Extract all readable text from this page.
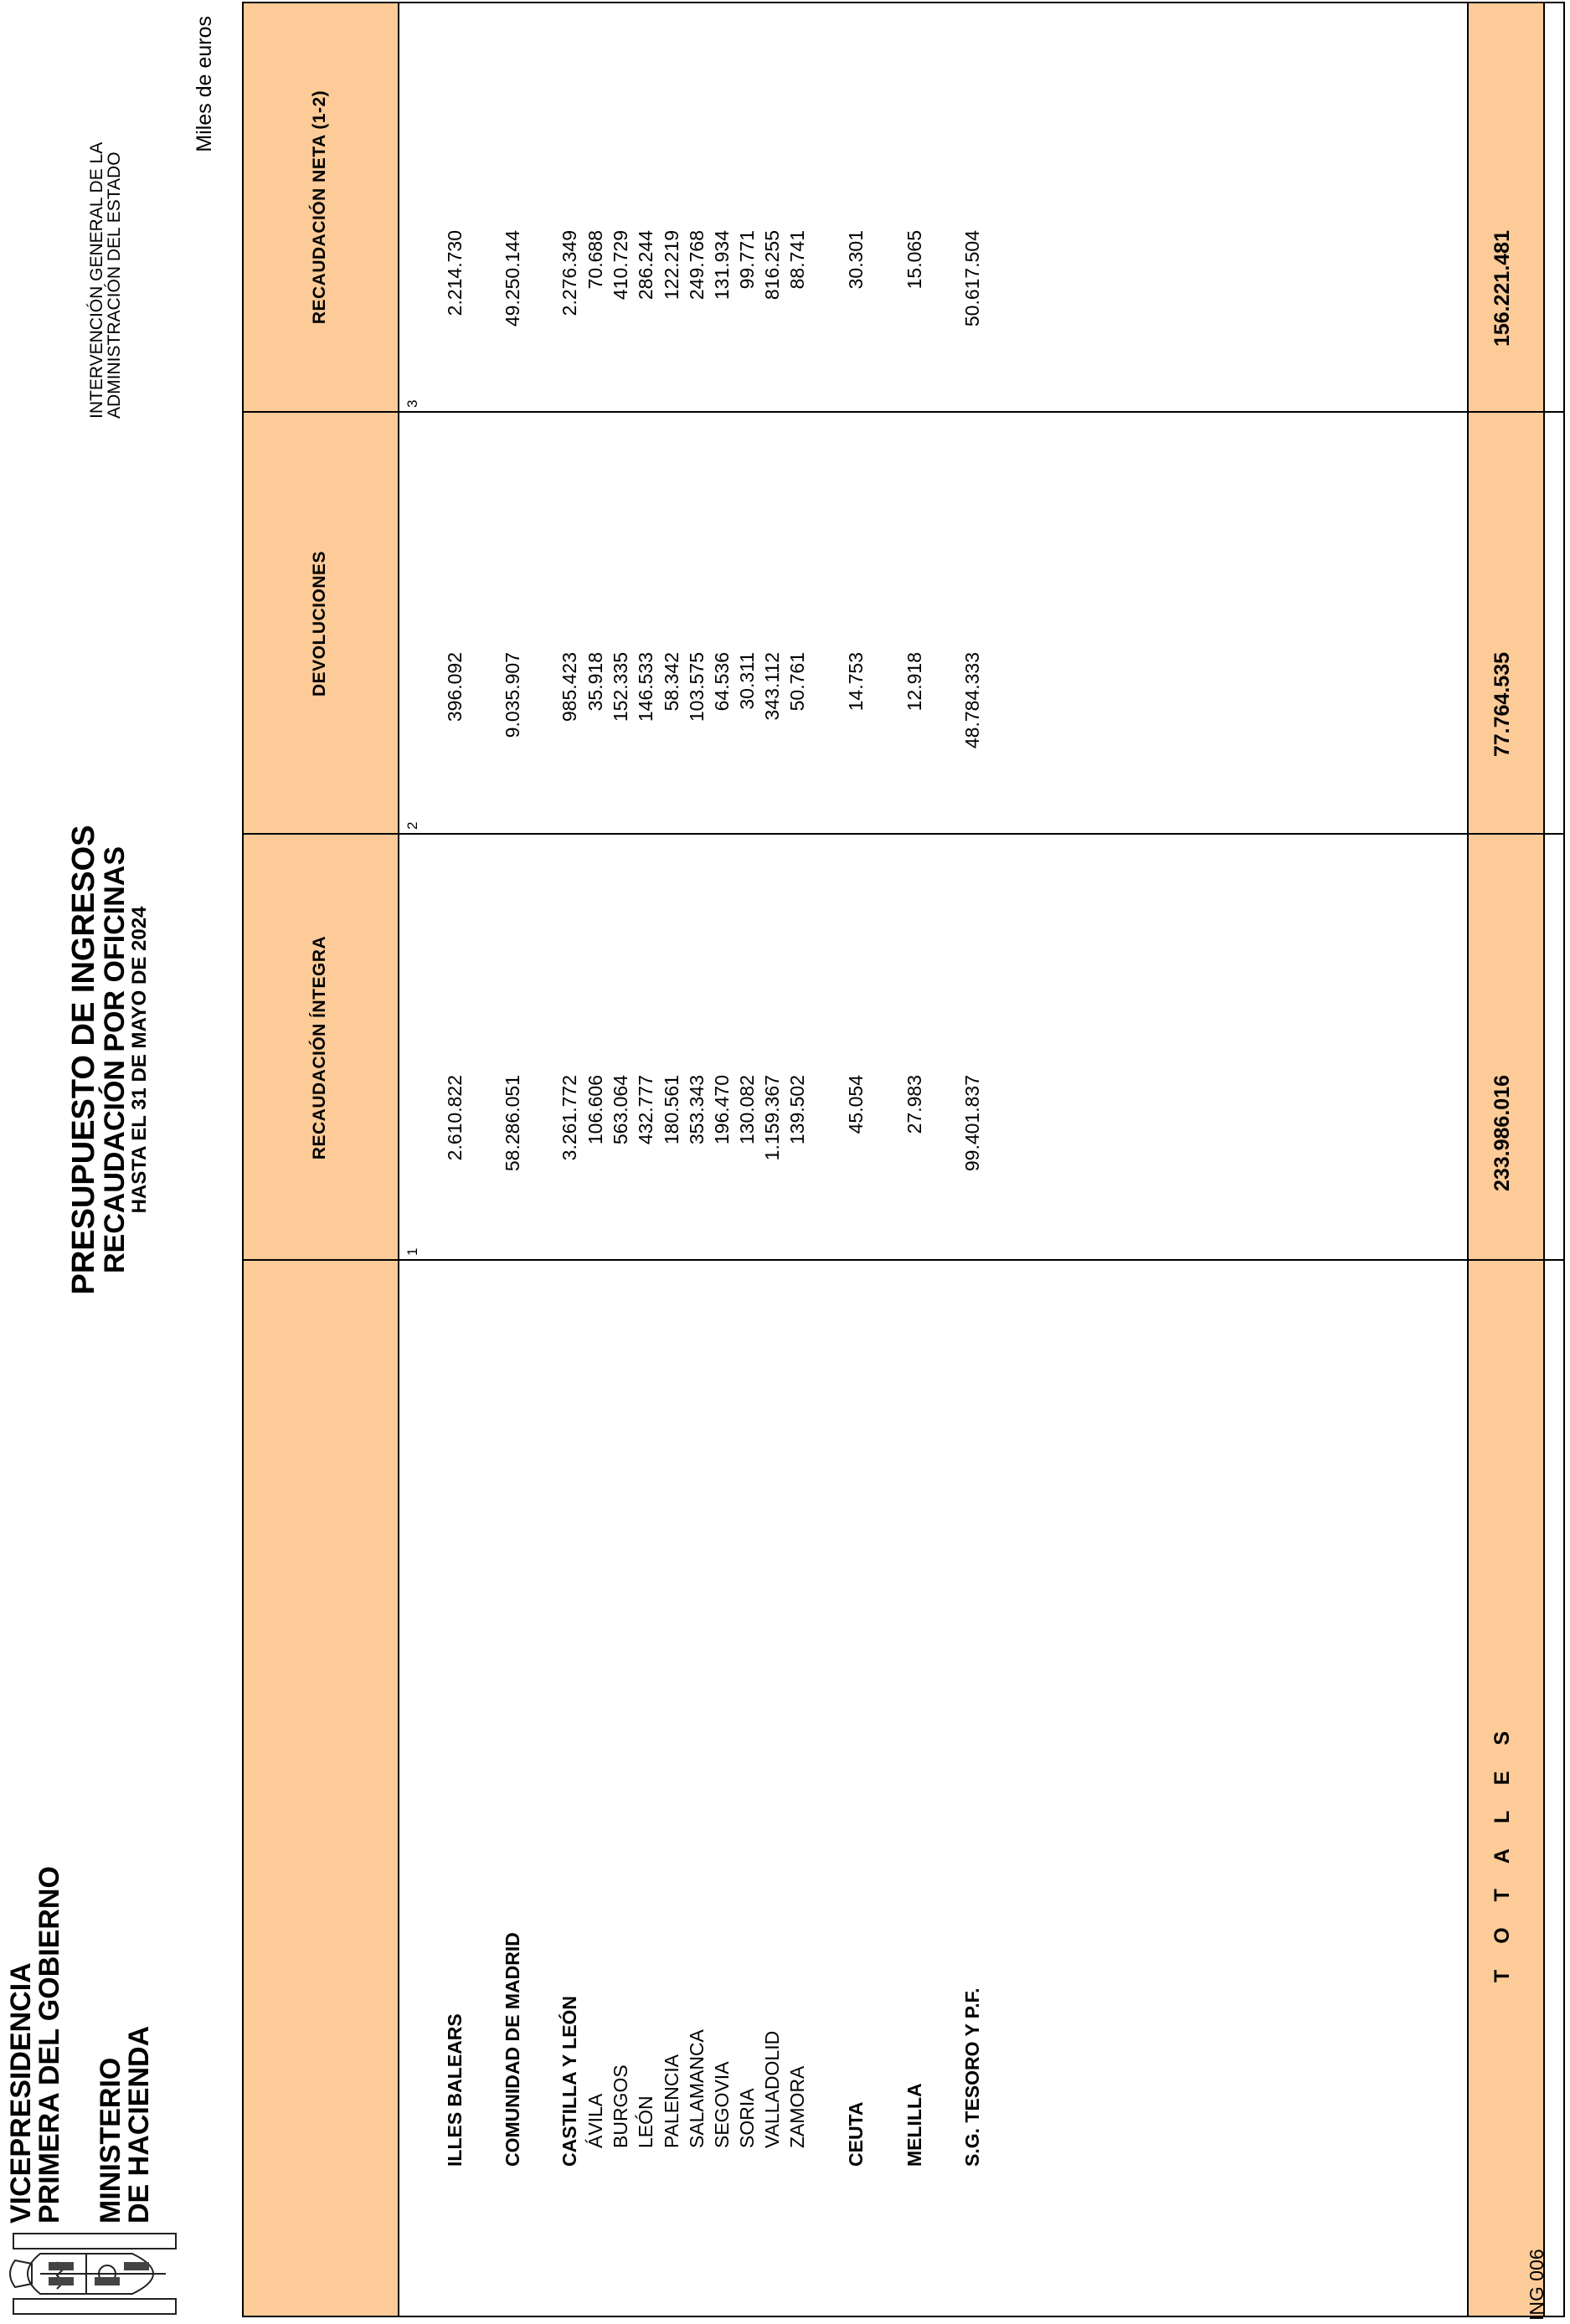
VICEPRESIDENCIA
PRIMERA DEL GOBIERNO MINISTERIO
DE HACIENDA
PRESUPUESTO DE INGRESOS
RECAUDACIÓN POR OFICINAS
HASTA EL 31 DE MAYO DE 2024
INTERVENCIÓN GENERAL DE LA
ADMINISTRACIÓN DEL ESTADO
Miles de euros
RECAUDACIÓN ÍNTEGRA
DEVOLUCIONES
RECAUDACIÓN NETA (1-2)
1
2
3
ILLES BALEARS
2.610.822
396.092
2.214.730
COMUNIDAD DE MADRID
58.286.051
9.035.907
49.250.144
CASTILLA Y LEÓN
3.261.772
985.423
2.276.349
ÁVILA
106.606
35.918
70.688
BURGOS
563.064
152.335
410.729
LEÓN
432.777
146.533
286.244
PALENCIA
180.561
58.342
122.219
SALAMANCA
353.343
103.575
249.768
SEGOVIA
196.470
64.536
131.934
SORIA
130.082
30.311
99.771
VALLADOLID
1.159.367
343.112
816.255
ZAMORA
139.502
50.761
88.741
CEUTA
45.054
14.753
30.301
MELILLA
27.983
12.918
15.065
S.G. TESORO Y P.F.
99.401.837
48.784.333
50.617.504
T O T A L E S
233.986.016
77.764.535
156.221.481
ING 006
